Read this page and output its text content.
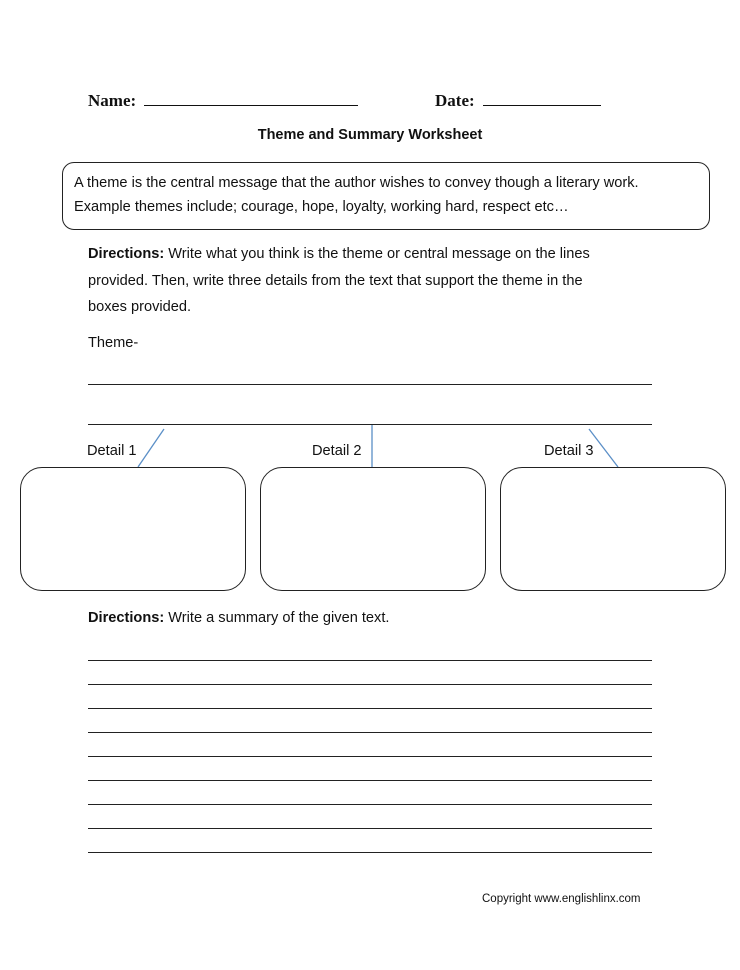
Name:	Date:
Theme and Summary Worksheet
A theme is the central message that the author wishes to convey though a literary work.
Example themes include; courage, hope, loyalty, working hard, respect etc…
Directions: Write what you think is the theme or central message on the lines
provided. Then, write three details from the text that support the theme in the
boxes provided.
Theme-
Detail 1	Detail 2	Detail 3
Directions: Write a summary of the given text.
Copyright www.englishlinx.com
